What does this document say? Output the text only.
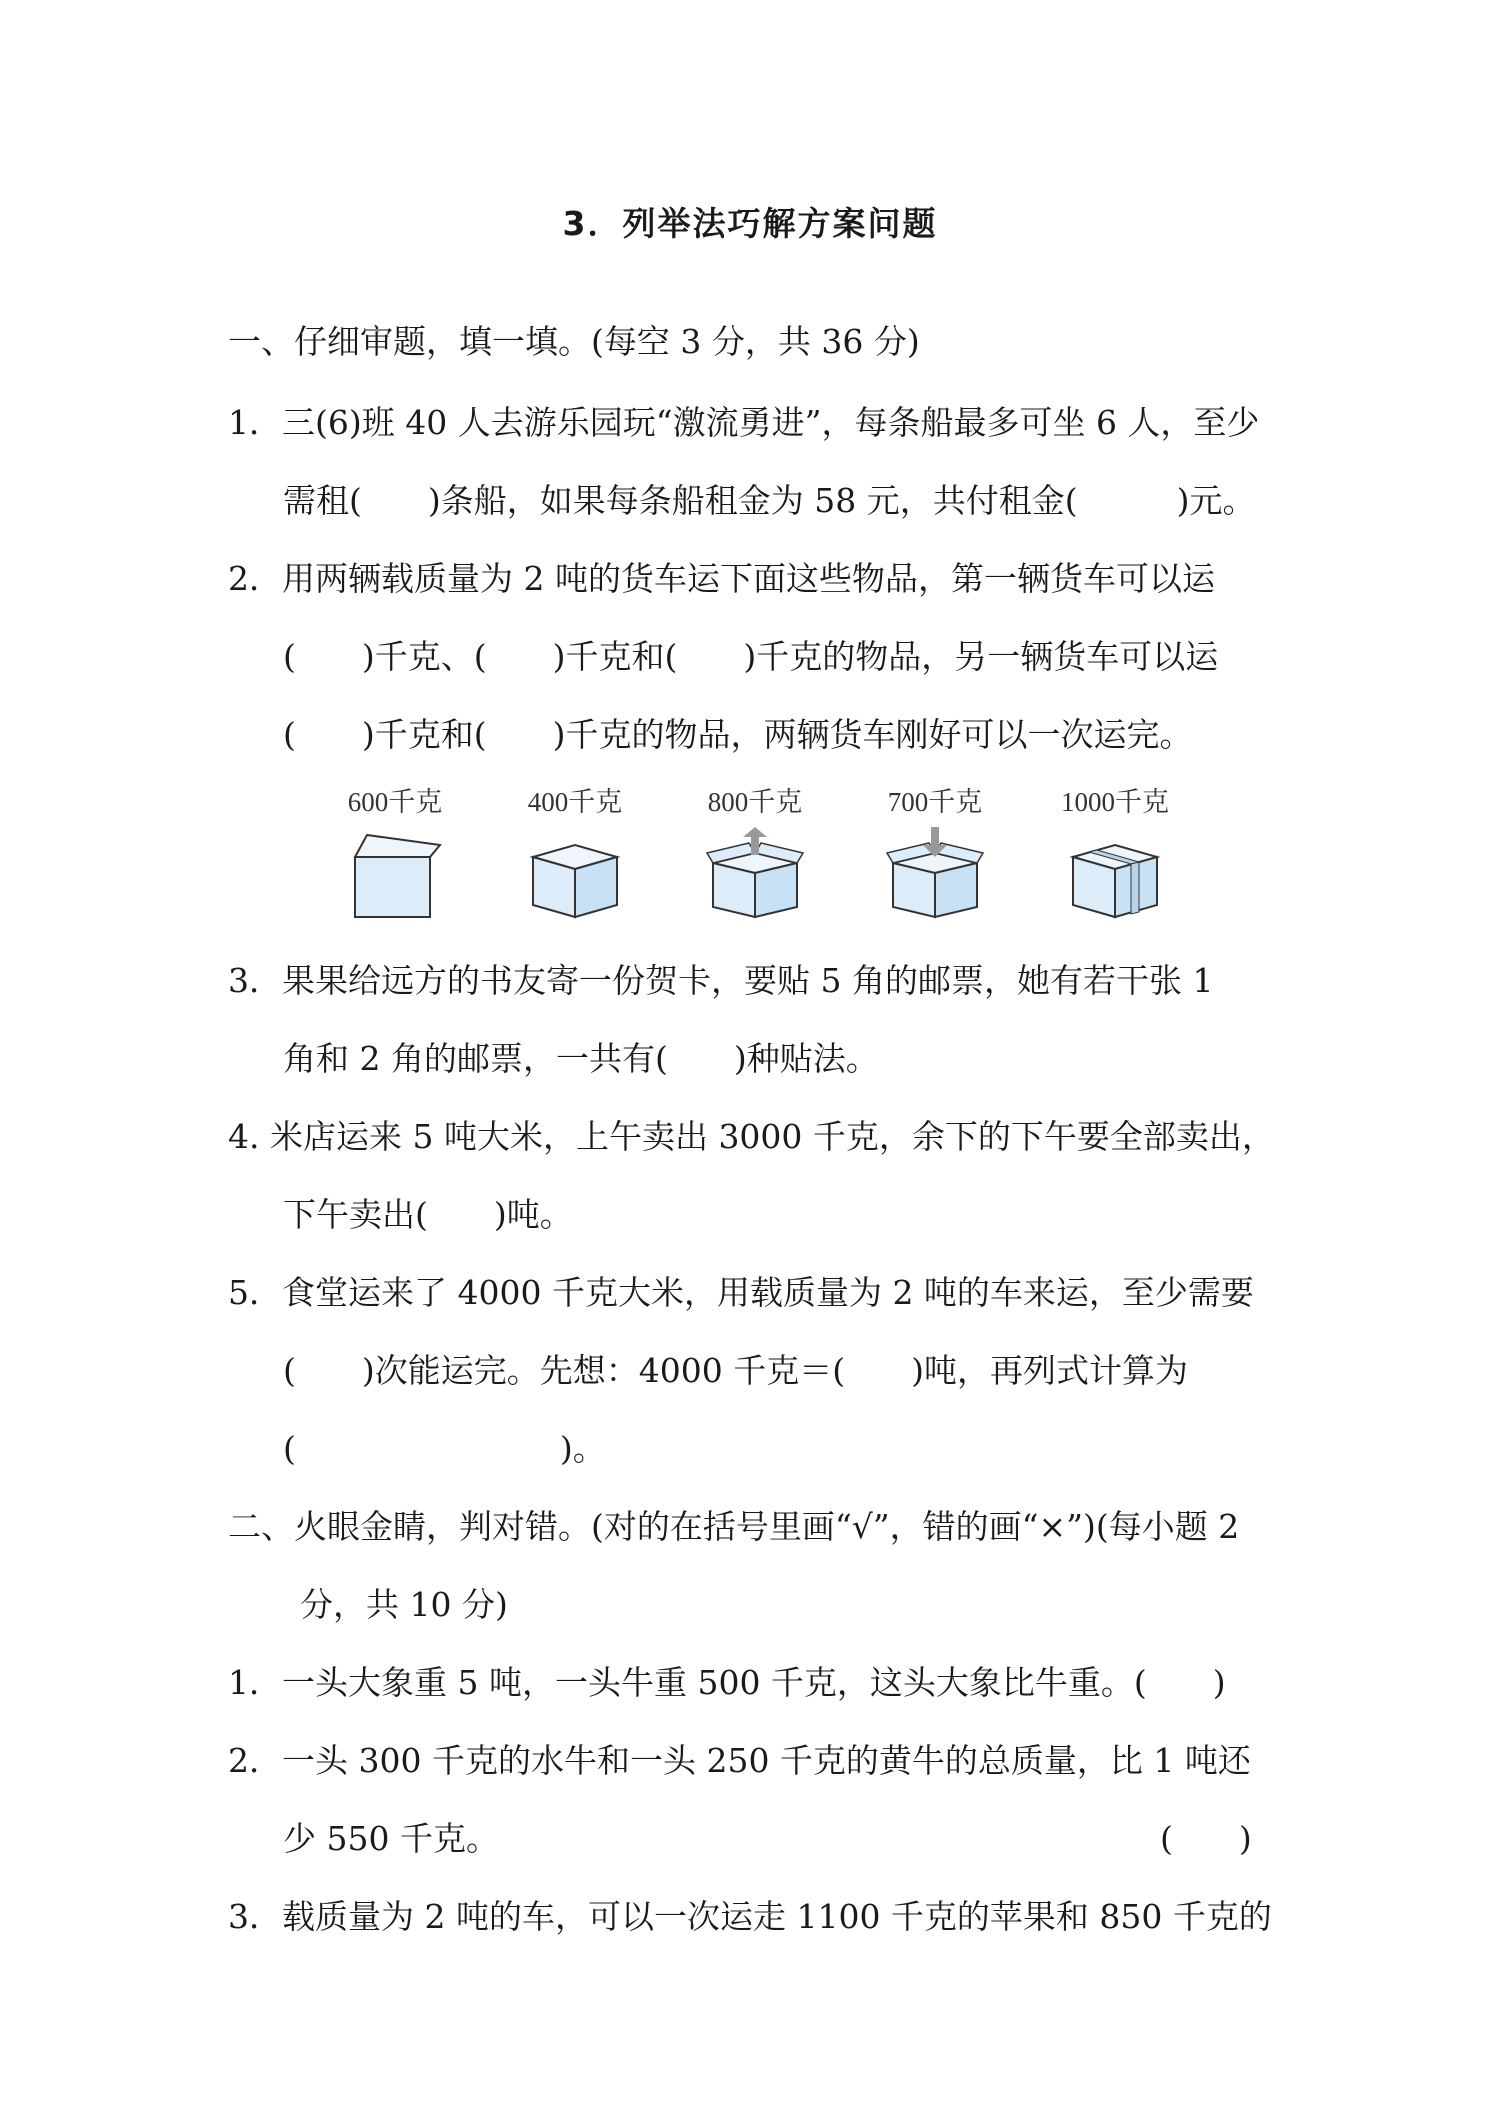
3．列举法巧解方案问题
一、仔细审题，填一填。(每空 3 分，共 36 分)
1．三(6)班 40 人去游乐园玩“激流勇进”，每条船最多可坐 6 人，至少
需租(　　)条船，如果每条船租金为 58 元，共付租金(　　　)元。
2．用两辆载质量为 2 吨的货车运下面这些物品，第一辆货车可以运
(　　)千克、(　　)千克和(　　)千克的物品，另一辆货车可以运
(　　)千克和(　　)千克的物品，两辆货车刚好可以一次运完。
600千克	400千克	800千克	700千克	1000千克
3．果果给远方的书友寄一份贺卡，要贴 5 角的邮票，她有若干张 1
角和 2 角的邮票，一共有(　　)种贴法。
4. 米店运来 5 吨大米，上午卖出 3000 千克，余下的下午要全部卖出，
下午卖出(　　)吨。
5．食堂运来了 4000 千克大米，用载质量为 2 吨的车来运，至少需要
(　　)次能运完。先想：4000 千克＝(　　)吨，再列式计算为
(　　　　　　　　)。
二、火眼金睛，判对错。(对的在括号里画“√”，错的画“×”)(每小题 2
分，共 10 分)
1．一头大象重 5 吨，一头牛重 500 千克，这头大象比牛重。(　　)
2．一头 300 千克的水牛和一头 250 千克的黄牛的总质量，比 1 吨还
少 550 千克。	(　　)
3．载质量为 2 吨的车，可以一次运走 1100 千克的苹果和 850 千克的
